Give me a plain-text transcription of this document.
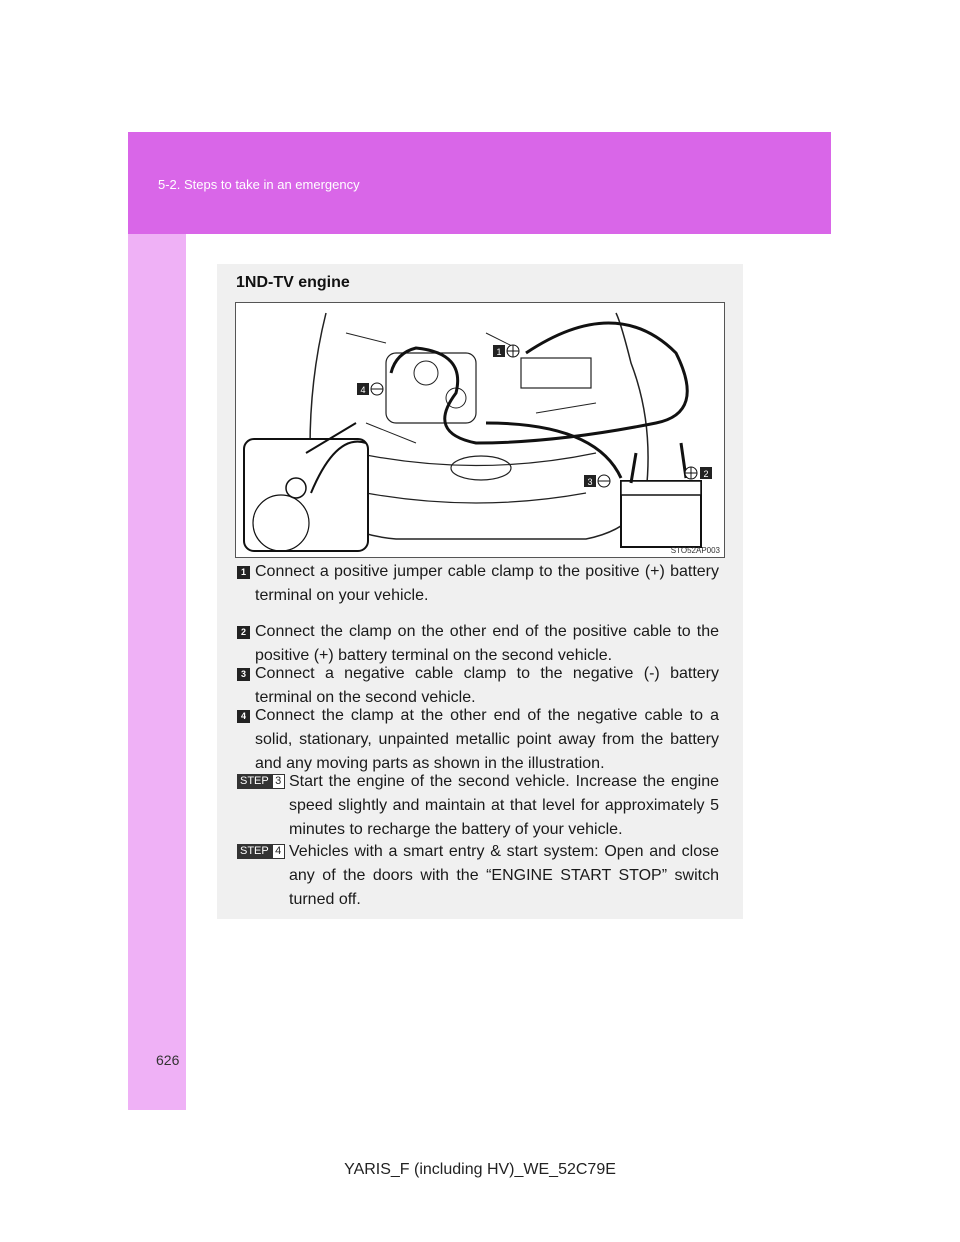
5-2. Steps to take in an emergency
1ND-TV engine
1
2
3
4
STO52AP003
1 Connect a positive jumper cable clamp to the positive (+) battery terminal on your vehicle.
2 Connect the clamp on the other end of the positive cable to the positive (+) battery terminal on the second vehicle.
3 Connect a negative cable clamp to the negative (-) battery terminal on the second vehicle.
4 Connect the clamp at the other end of the negative cable to a solid, stationary, unpainted metallic point away from the battery and any moving parts as shown in the illustration.
STEP 3 Start the engine of the second vehicle. Increase the engine speed slightly and maintain at that level for approximately 5 minutes to recharge the battery of your vehicle.
STEP 4 Vehicles with a smart entry & start system: Open and close any of the doors with the “ENGINE START STOP” switch turned off.
626
YARIS_F (including HV)_WE_52C79E
